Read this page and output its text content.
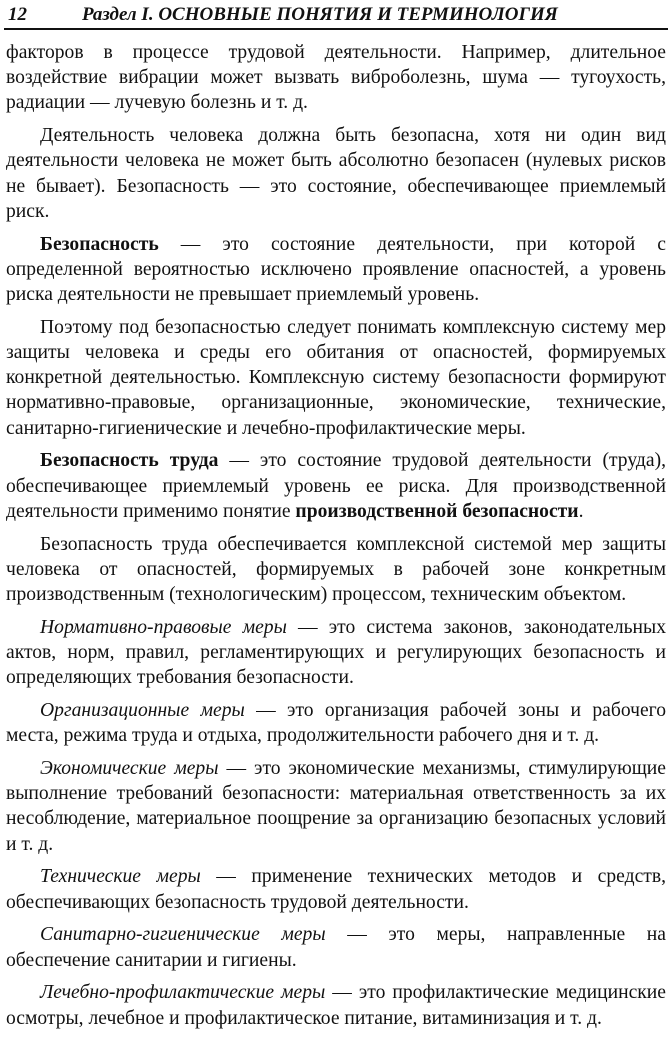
12	Раздел I. ОСНОВНЫЕ ПОНЯТИЯ И ТЕРМИНОЛОГИЯ

факторов в процессе трудовой деятельности. Например, длительное воздействие вибрации может вызвать виброболезнь, шума — тугоухость, радиации — лучевую болезнь и т. д.

Деятельность человека должна быть безопасна, хотя ни один вид деятельности человека не может быть абсолютно безопасен (нулевых рисков не бывает). Безопасность — это состояние, обеспечивающее приемлемый риск.

Безопасность — это состояние деятельности, при которой с определенной вероятностью исключено проявление опасностей, а уровень риска деятельности не превышает приемлемый уровень.

Поэтому под безопасностью следует понимать комплексную систему мер защиты человека и среды его обитания от опасностей, формируемых конкретной деятельностью. Комплексную систему безопасности формируют нормативно-правовые, организационные, экономические, технические, санитарно-гигиенические и лечебно-профилактические меры.

Безопасность труда — это состояние трудовой деятельности (труда), обеспечивающее приемлемый уровень ее риска. Для производственной деятельности применимо понятие производственной безопасности.

Безопасность труда обеспечивается комплексной системой мер защиты человека от опасностей, формируемых в рабочей зоне конкретным производственным (технологическим) процессом, техническим объектом.

Нормативно-правовые меры — это система законов, законодательных актов, норм, правил, регламентирующих и регулирующих безопасность и определяющих требования безопасности.

Организационные меры — это организация рабочей зоны и рабочего места, режима труда и отдыха, продолжительности рабочего дня и т. д.

Экономические меры — это экономические механизмы, стимулирующие выполнение требований безопасности: материальная ответственность за их несоблюдение, материальное поощрение за организацию безопасных условий и т. д.

Технические меры — применение технических методов и средств, обеспечивающих безопасность трудовой деятельности.

Санитарно-гигиенические меры — это меры, направленные на обеспечение санитарии и гигиены.

Лечебно-профилактические меры — это профилактические медицинские осмотры, лечебное и профилактическое питание, витаминизация и т. д.
